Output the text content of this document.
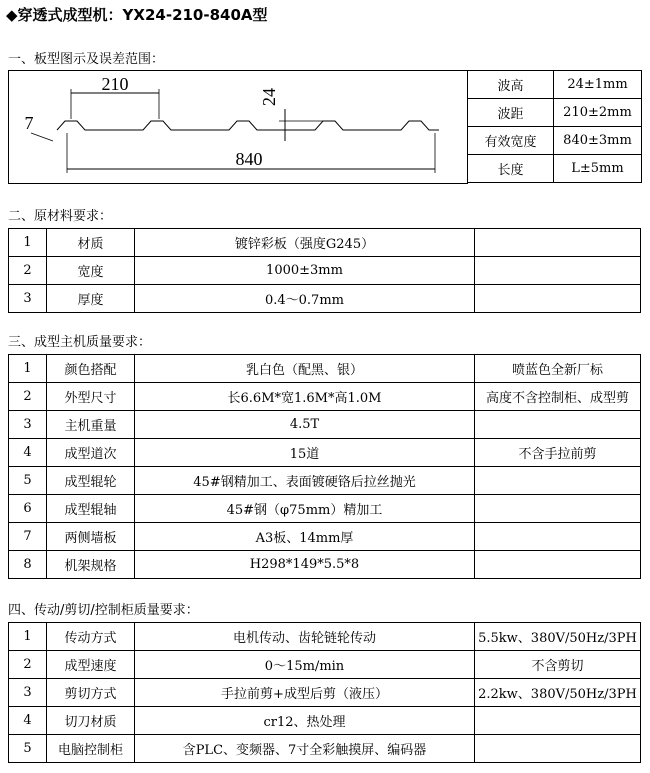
◆穿透式成型机：YX24-210-840A型
一、板型图示及误差范围：
210
24
7
840
波高	24±1mm
波距	210±2mm
有效宽度	840±3mm
长度	L±5mm
二、原材料要求：
1	材质	镀锌彩板（强度G245）	
2	宽度	1000±3mm	
3	厚度	0.4～0.7mm	
三、成型主机质量要求：
1	颜色搭配	乳白色（配黑、银）	喷蓝色全新厂标
2	外型尺寸	长6.6M*宽1.6M*高1.0M	高度不含控制柜、成型剪
3	主机重量	4.5T	
4	成型道次	15道	不含手拉前剪
5	成型辊轮	45#钢精加工、表面镀硬铬后拉丝抛光	
6	成型辊轴	45#钢（φ75mm）精加工	
7	两侧墙板	A3板、14mm厚	
8	机架规格	H298*149*5.5*8	
四、传动/剪切/控制柜质量要求：
1	传动方式	电机传动、齿轮链轮传动	5.5kw、380V/50Hz/3PH
2	成型速度	0～15m/min	不含剪切
3	剪切方式	手拉前剪+成型后剪（液压）	2.2kw、380V/50Hz/3PH
4	切刀材质	cr12、热处理	
5	电脑控制柜	含PLC、变频器、7寸全彩触摸屏、编码器	
